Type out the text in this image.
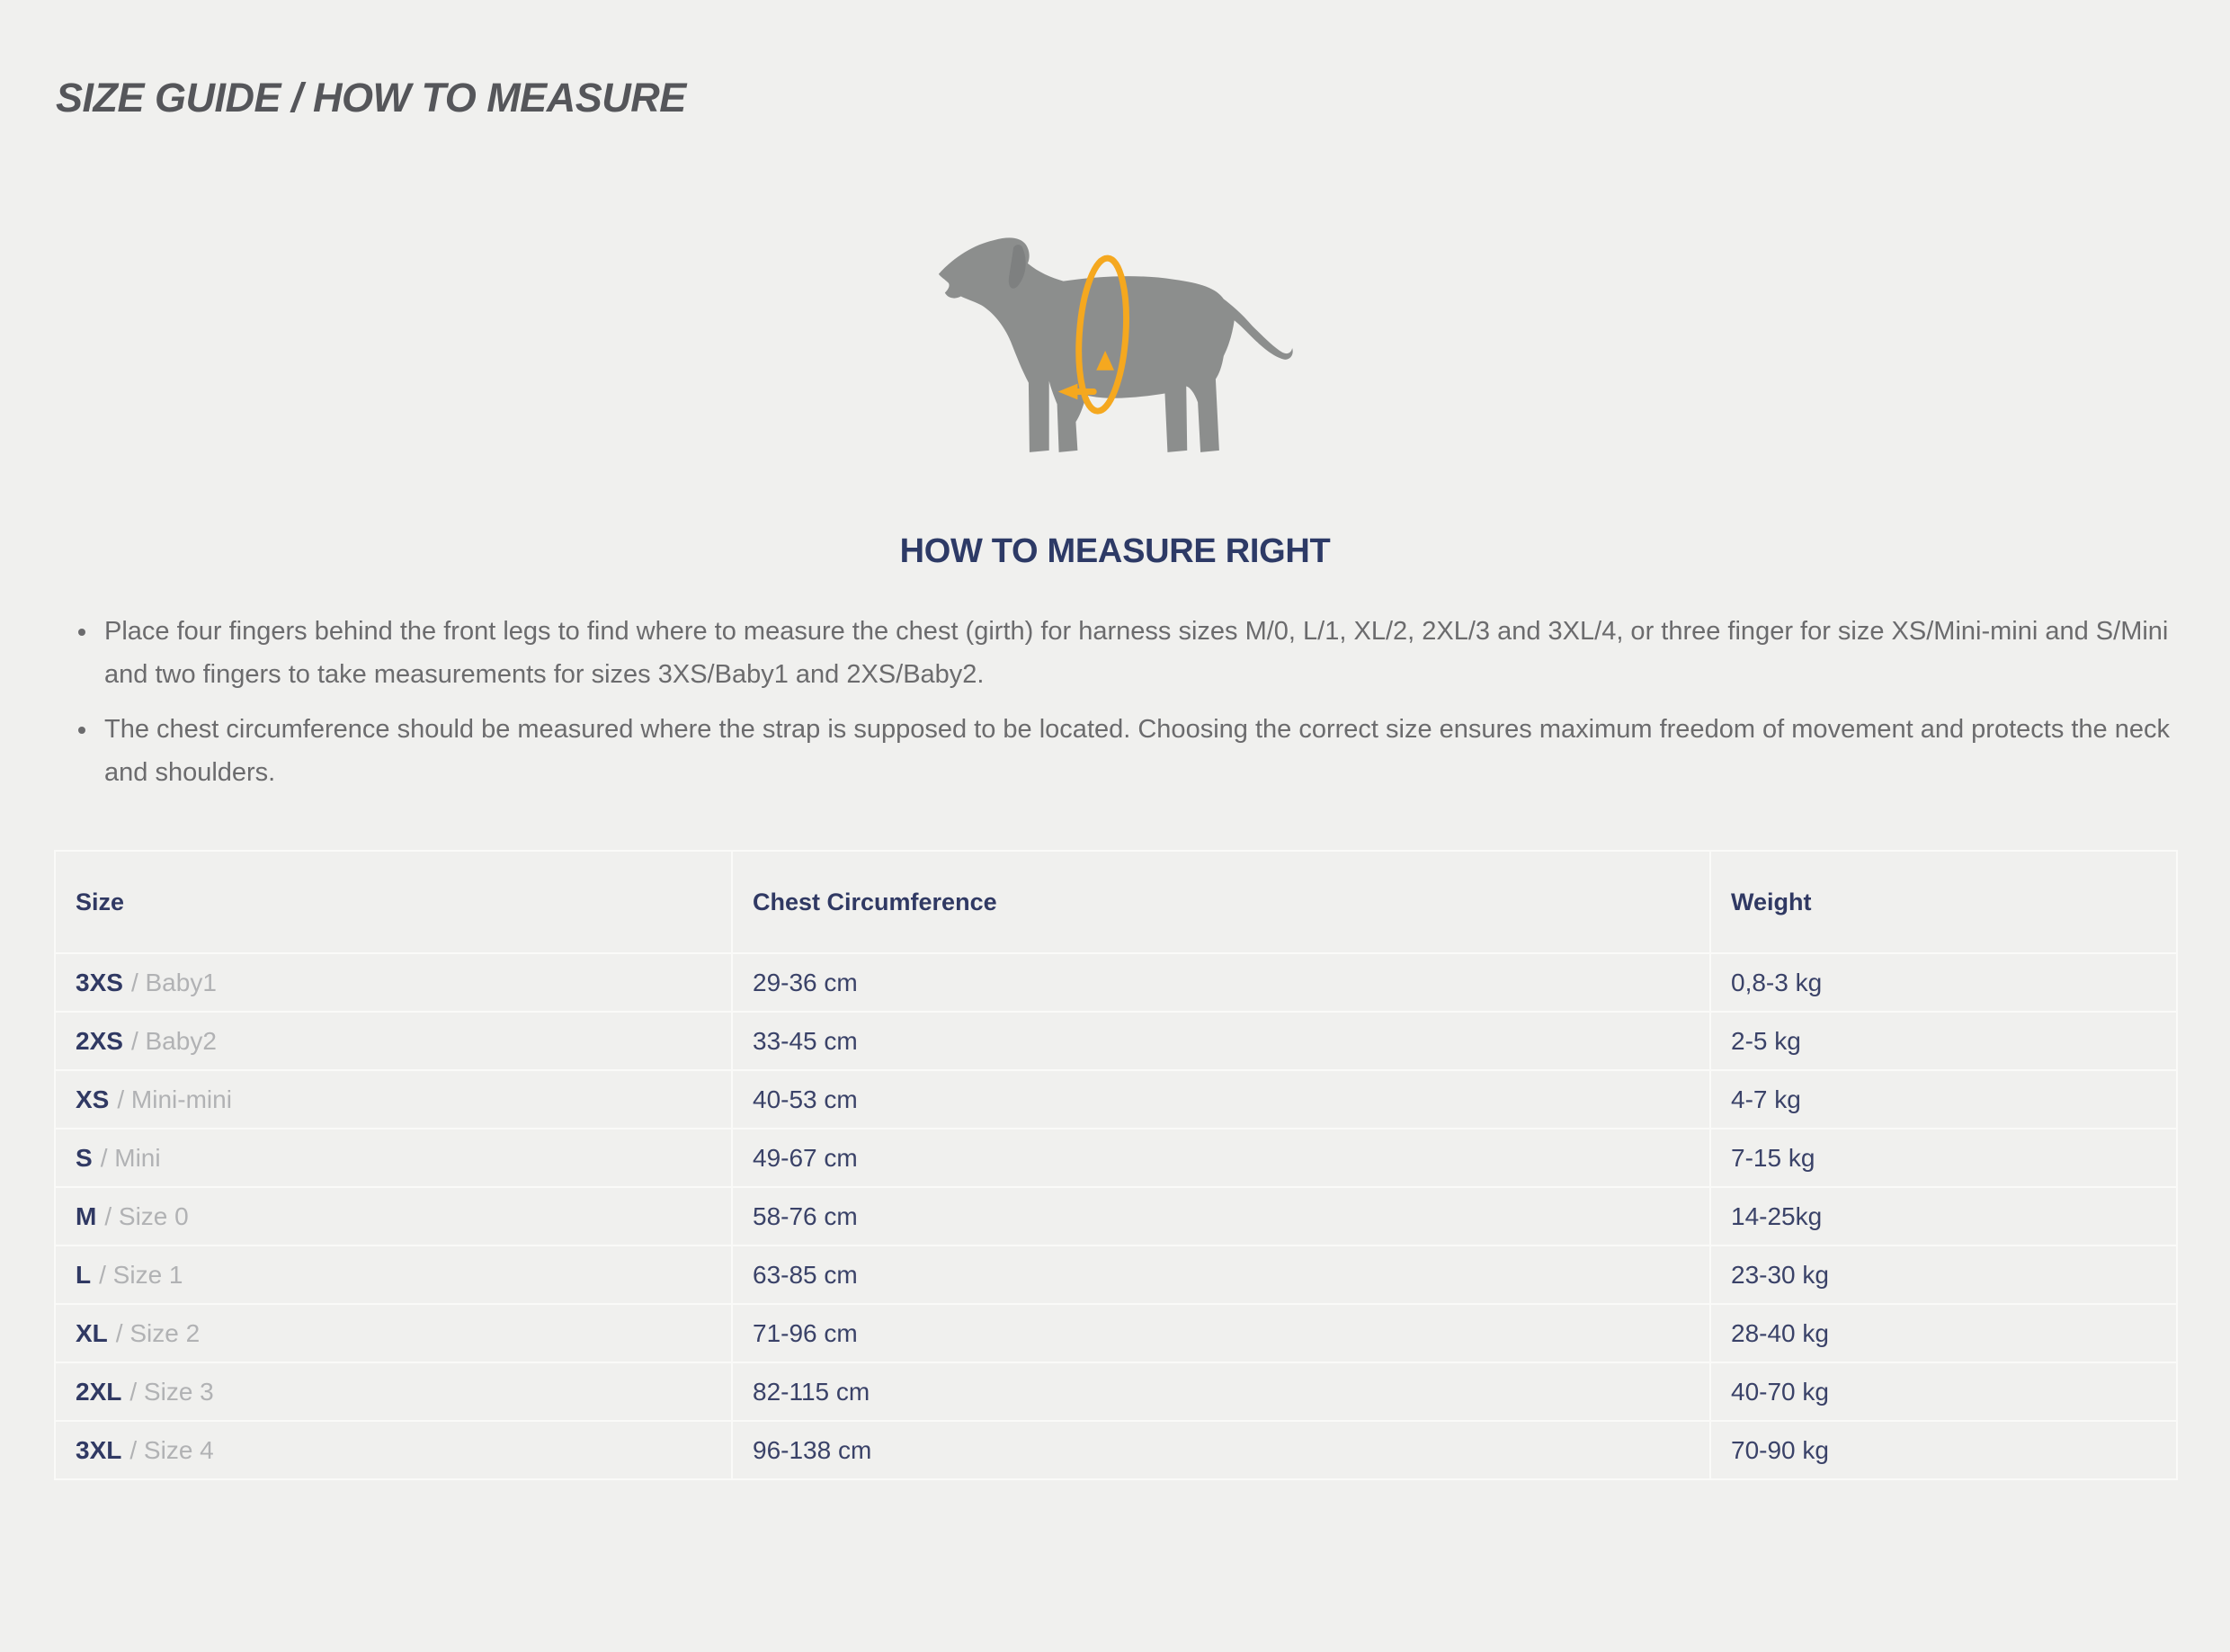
SIZE GUIDE / HOW TO MEASURE
HOW TO MEASURE RIGHT
• Place four fingers behind the front legs to find where to measure the chest (girth) for harness sizes M/0, L/1, XL/2, 2XL/3 and 3XL/4, or three finger for size XS/Mini-mini and S/Mini and two fingers to take measurements for sizes 3XS/Baby1 and 2XS/Baby2.
• The chest circumference should be measured where the strap is supposed to be located. Choosing the correct size ensures maximum freedom of movement and protects the neck and shoulders.
Size	Chest Circumference	Weight
3XS / Baby1	29-36 cm	0,8-3 kg
2XS / Baby2	33-45 cm	2-5 kg
XS / Mini-mini	40-53 cm	4-7 kg
S / Mini	49-67 cm	7-15 kg
M / Size 0	58-76 cm	14-25kg
L / Size 1	63-85 cm	23-30 kg
XL / Size 2	71-96 cm	28-40 kg
2XL / Size 3	82-115 cm	40-70 kg
3XL / Size 4	96-138 cm	70-90 kg
